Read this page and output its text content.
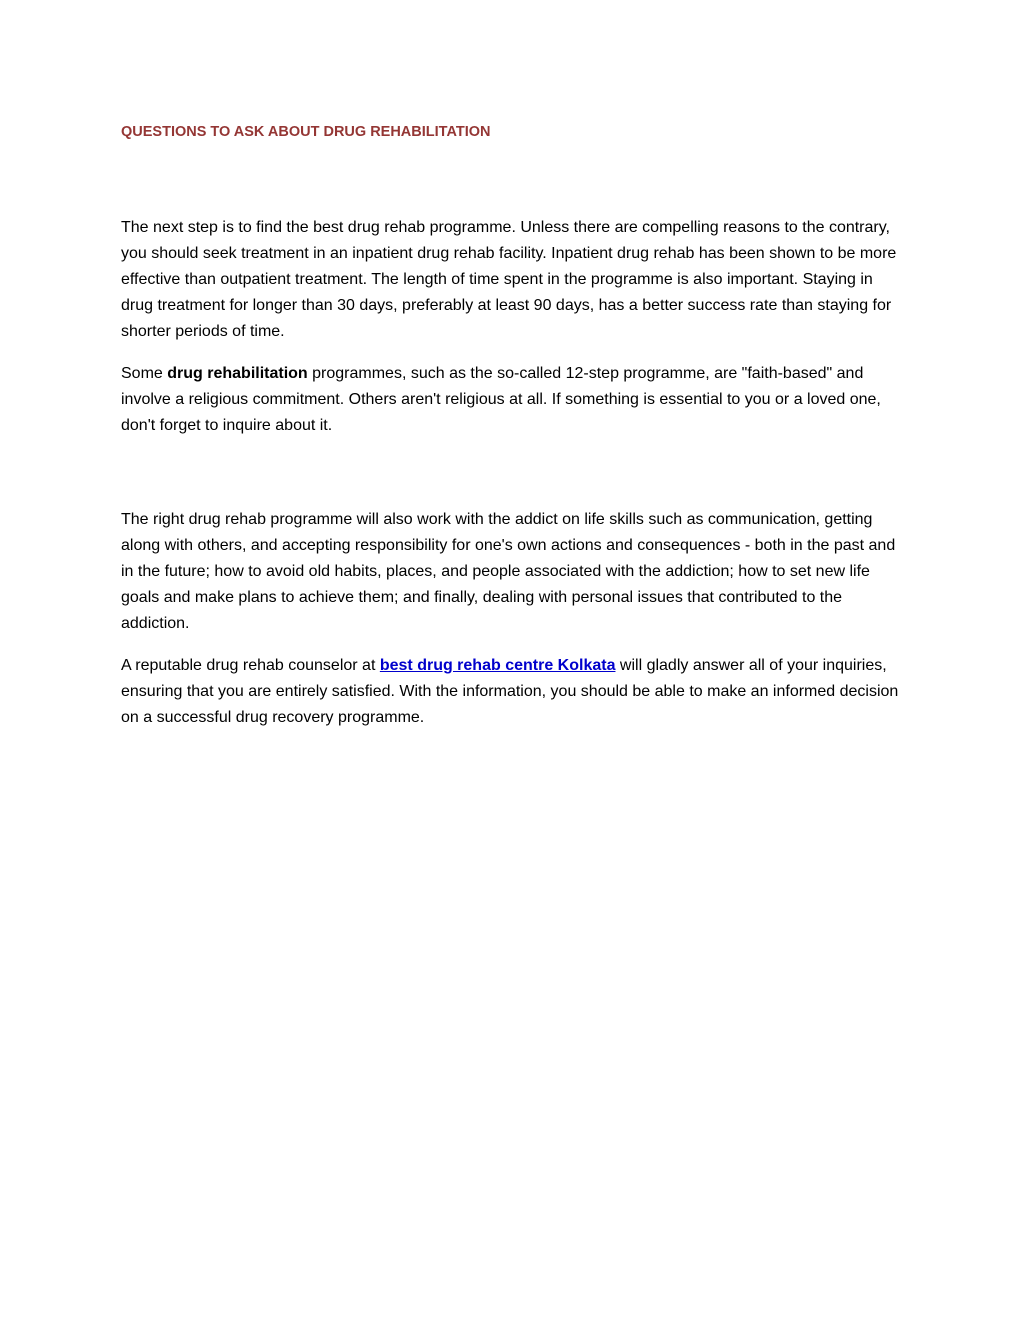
QUESTIONS TO ASK ABOUT DRUG REHABILITATION

The next step is to find the best drug rehab programme. Unless there are compelling reasons to the contrary, you should seek treatment in an inpatient drug rehab facility. Inpatient drug rehab has been shown to be more effective than outpatient treatment. The length of time spent in the programme is also important. Staying in drug treatment for longer than 30 days, preferably at least 90 days, has a better success rate than staying for shorter periods of time.

Some drug rehabilitation programmes, such as the so-called 12-step programme, are "faith-based" and involve a religious commitment. Others aren't religious at all. If something is essential to you or a loved one, don't forget to inquire about it.

The right drug rehab programme will also work with the addict on life skills such as communication, getting along with others, and accepting responsibility for one's own actions and consequences - both in the past and in the future; how to avoid old habits, places, and people associated with the addiction; how to set new life goals and make plans to achieve them; and finally, dealing with personal issues that contributed to the addiction.

A reputable drug rehab counselor at best drug rehab centre Kolkata will gladly answer all of your inquiries, ensuring that you are entirely satisfied. With the information, you should be able to make an informed decision on a successful drug recovery programme.
